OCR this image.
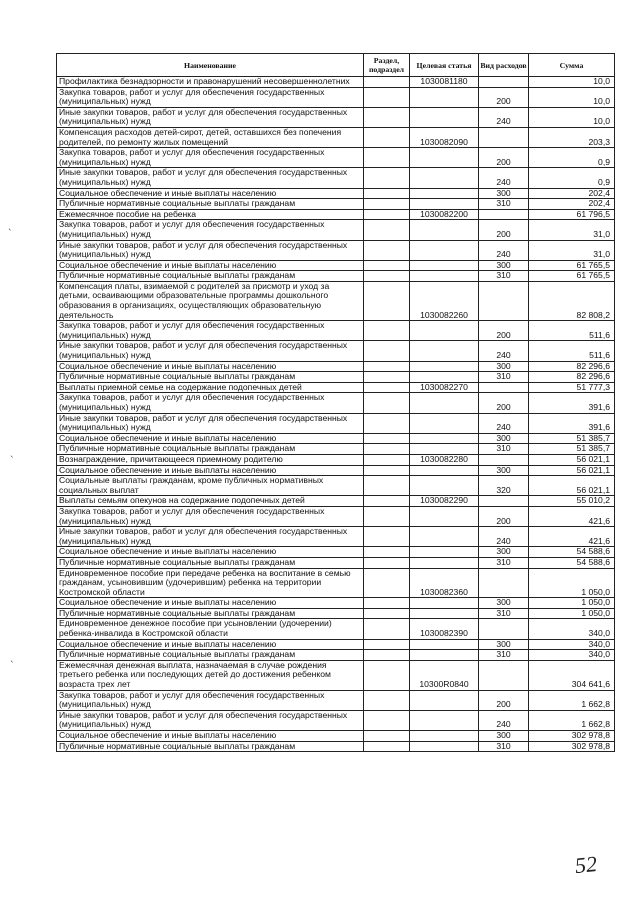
`
`
`
Наименование	Раздел, подраздел	Целевая статья	Вид расходов	Сумма
Профилактика безнадзорности и правонарушений несовершеннолетних		1030081180		10,0
Закупка товаров, работ и услуг для обеспечения государственных (муниципальных) нужд			200	10,0
Иные закупки товаров, работ и услуг для обеспечения государственных (муниципальных) нужд			240	10,0
Компенсация расходов детей-сирот, детей, оставшихся без попечения родителей, по ремонту жилых помещений		1030082090		203,3
Закупка товаров, работ и услуг для обеспечения государственных (муниципальных) нужд			200	0,9
Иные закупки товаров, работ и услуг для обеспечения государственных (муниципальных) нужд			240	0,9
Социальное обеспечение и иные выплаты населению			300	202,4
Публичные нормативные социальные выплаты гражданам			310	202,4
Ежемесячное пособие на ребенка		1030082200		61 796,5
Закупка товаров, работ и услуг для обеспечения государственных (муниципальных) нужд			200	31,0
Иные закупки товаров, работ и услуг для обеспечения государственных (муниципальных) нужд			240	31,0
Социальное обеспечение и иные выплаты населению			300	61 765,5
Публичные нормативные социальные выплаты гражданам			310	61 765,5
Компенсация платы, взимаемой с родителей за присмотр и уход за детьми, осваивающими образовательные программы дошкольного образования в организациях, осуществляющих образовательную деятельность		1030082260		82 808,2
Закупка товаров, работ и услуг для обеспечения государственных (муниципальных) нужд			200	511,6
Иные закупки товаров, работ и услуг для обеспечения государственных (муниципальных) нужд			240	511,6
Социальное обеспечение и иные выплаты населению			300	82 296,6
Публичные нормативные социальные выплаты гражданам			310	82 296,6
Выплаты приемной семье на содержание подопечных детей		1030082270		51 777,3
Закупка товаров, работ и услуг для обеспечения государственных (муниципальных) нужд			200	391,6
Иные закупки товаров, работ и услуг для обеспечения государственных (муниципальных) нужд			240	391,6
Социальное обеспечение и иные выплаты населению			300	51 385,7
Публичные нормативные социальные выплаты гражданам			310	51 385,7
Вознаграждение, причитающееся приемному родителю		1030082280		56 021,1
Социальное обеспечение и иные выплаты населению			300	56 021,1
Социальные выплаты гражданам, кроме публичных нормативных социальных выплат			320	56 021,1
Выплаты семьям опекунов на содержание подопечных детей		1030082290		55 010,2
Закупка товаров, работ и услуг для обеспечения государственных (муниципальных) нужд			200	421,6
Иные закупки товаров, работ и услуг для обеспечения государственных (муниципальных) нужд			240	421,6
Социальное обеспечение и иные выплаты населению			300	54 588,6
Публичные нормативные социальные выплаты гражданам			310	54 588,6
Единовременное пособие при передаче ребенка на воспитание в семью гражданам, усыновившим (удочерившим) ребенка на территории Костромской области		1030082360		1 050,0
Социальное обеспечение и иные выплаты населению			300	1 050,0
Публичные нормативные социальные выплаты гражданам			310	1 050,0
Единовременное денежное пособие при усыновлении (удочерении) ребенка-инвалида в Костромской области		1030082390		340,0
Социальное обеспечение и иные выплаты населению			300	340,0
Публичные нормативные социальные выплаты гражданам			310	340,0
Ежемесячная денежная выплата, назначаемая в случае рождения третьего ребенка или последующих детей до достижения ребенком возраста трех лет		10300R0840		304 641,6
Закупка товаров, работ и услуг для обеспечения государственных (муниципальных) нужд			200	1 662,8
Иные закупки товаров, работ и услуг для обеспечения государственных (муниципальных) нужд			240	1 662,8
Социальное обеспечение и иные выплаты населению			300	302 978,8
Публичные нормативные социальные выплаты гражданам			310	302 978,8
52
